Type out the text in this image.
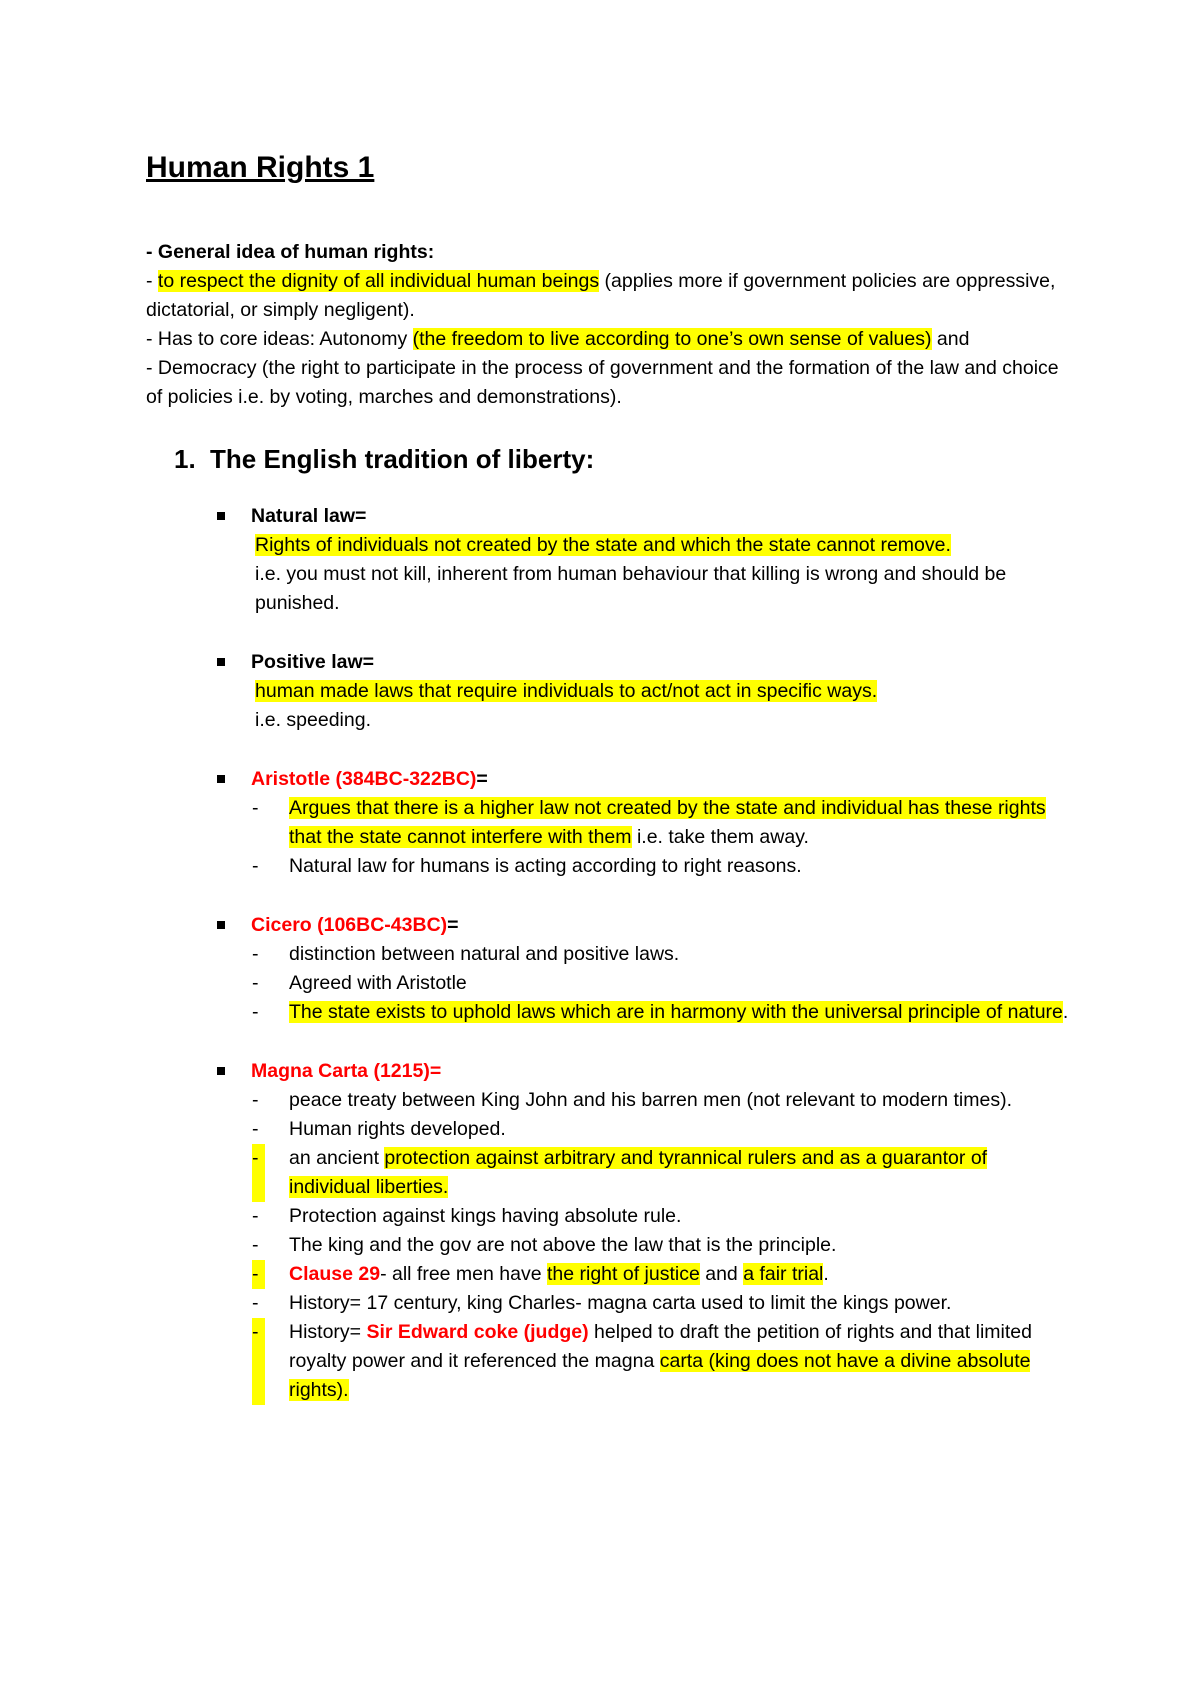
Human Rights 1

- General idea of human rights:

- to respect the dignity of all individual human beings (applies more if government policies are oppressive, dictatorial, or simply negligent).

- Has to core ideas: Autonomy (the freedom to live according to one’s own sense of values) and

- Democracy (the right to participate in the process of government and the formation of the law and choice of policies i.e. by voting, marches and demonstrations).

1. The English tradition of liberty:
Natural law=
Rights of individuals not created by the state and which the state cannot remove.
i.e. you must not kill, inherent from human behaviour that killing is wrong and should be punished.
Positive law=
human made laws that require individuals to act/not act in specific ways.
i.e. speeding.
Aristotle (384BC-322BC)=
-	Argues that there is a higher law not created by the state and individual has these rights that the state cannot interfere with them i.e. take them away.
-	Natural law for humans is acting according to right reasons.
Cicero (106BC-43BC)=
-	distinction between natural and positive laws.
-	Agreed with Aristotle
-	The state exists to uphold laws which are in harmony with the universal principle of nature.
Magna Carta (1215)=
-	peace treaty between King John and his barren men (not relevant to modern times).
-	Human rights developed.
-	an ancient protection against arbitrary and tyrannical rulers and as a guarantor of individual liberties.
-	Protection against kings having absolute rule.
-	The king and the gov are not above the law that is the principle.
-	Clause 29- all free men have the right of justice and a fair trial.
-	History= 17 century, king Charles- magna carta used to limit the kings power.
-	History= Sir Edward coke (judge) helped to draft the petition of rights and that limited royalty power and it referenced the magna carta (king does not have a divine absolute rights).
